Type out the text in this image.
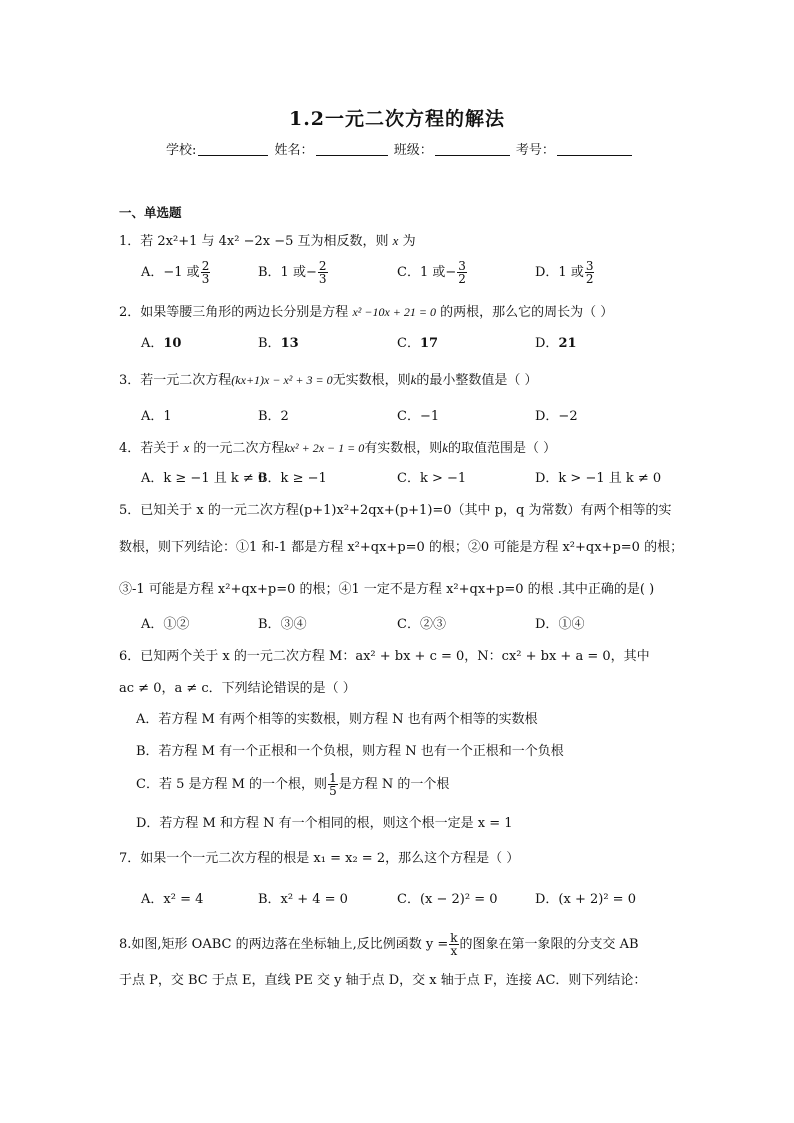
1.2一元二次方程的解法
学校:	姓名：	班级：	考号：
一、单选题
1．若 2x²+1 与 4x² −2x −5 互为相反数，则 x 为
A．−1 或 $\frac{2}{3}$	B．1 或− $\frac{2}{3}$	C．1 或− $\frac{3}{2}$	D．1 或 $\frac{3}{2}$
2．如果等腰三角形的两边长分别是方程 x² −10x + 21 = 0 的两根，那么它的周长为（ ）
A．10	B．13	C．17	D．21
3．若一元二次方程(kx+1)x − x² + 3 = 0无实数根，则k的最小整数值是（ ）
A．1	B．2	C．−1	D．−2
4．若关于 x 的一元二次方程kx² + 2x − 1 = 0有实数根，则k的取值范围是（ ）
A．k ≥ −1 且 k ≠ 0
B．k ≥ −1	C．k > −1	D．k > −1 且 k ≠ 0
5．已知关于 x 的一元二次方程(p+1)x²+2qx+(p+1)=0（其中 p，q 为常数）有两个相等的实
数根，则下列结论：①1 和-1 都是方程 x²+qx+p=0 的根；②0 可能是方程 x²+qx+p=0 的根；
③-1 可能是方程 x²+qx+p=0 的根；④1 一定不是方程 x²+qx+p=0 的根 .其中正确的是( )
A．①②	B．③④	C．②③	D．①④
6．已知两个关于 x 的一元二次方程 M：ax² + bx + c = 0，N：cx² + bx + a = 0，其中
ac ≠ 0，a ≠ c．下列结论错误的是（ ）
A．若方程 M 有两个相等的实数根，则方程 N 也有两个相等的实数根
B．若方程 M 有一个正根和一个负根，则方程 N 也有一个正根和一个负根
C．若 5 是方程 M 的一个根，则 $\frac{1}{5}$ 是方程 N 的一个根
D．若方程 M 和方程 N 有一个相同的根，则这个根一定是 x = 1
7．如果一个一元二次方程的根是 x₁ = x₂ = 2，那么这个方程是（ ）
A．x² = 4	B．x² + 4 = 0	C．(x − 2)² = 0	D．(x + 2)² = 0
8.如图,矩形 OABC 的两边落在坐标轴上,反比例函数 $y = \frac{k}{x}$ 的图象在第一象限的分支交 AB
于点 P，交 BC 于点 E，直线 PE 交 y 轴于点 D，交 x 轴于点 F，连接 AC．则下列结论：
